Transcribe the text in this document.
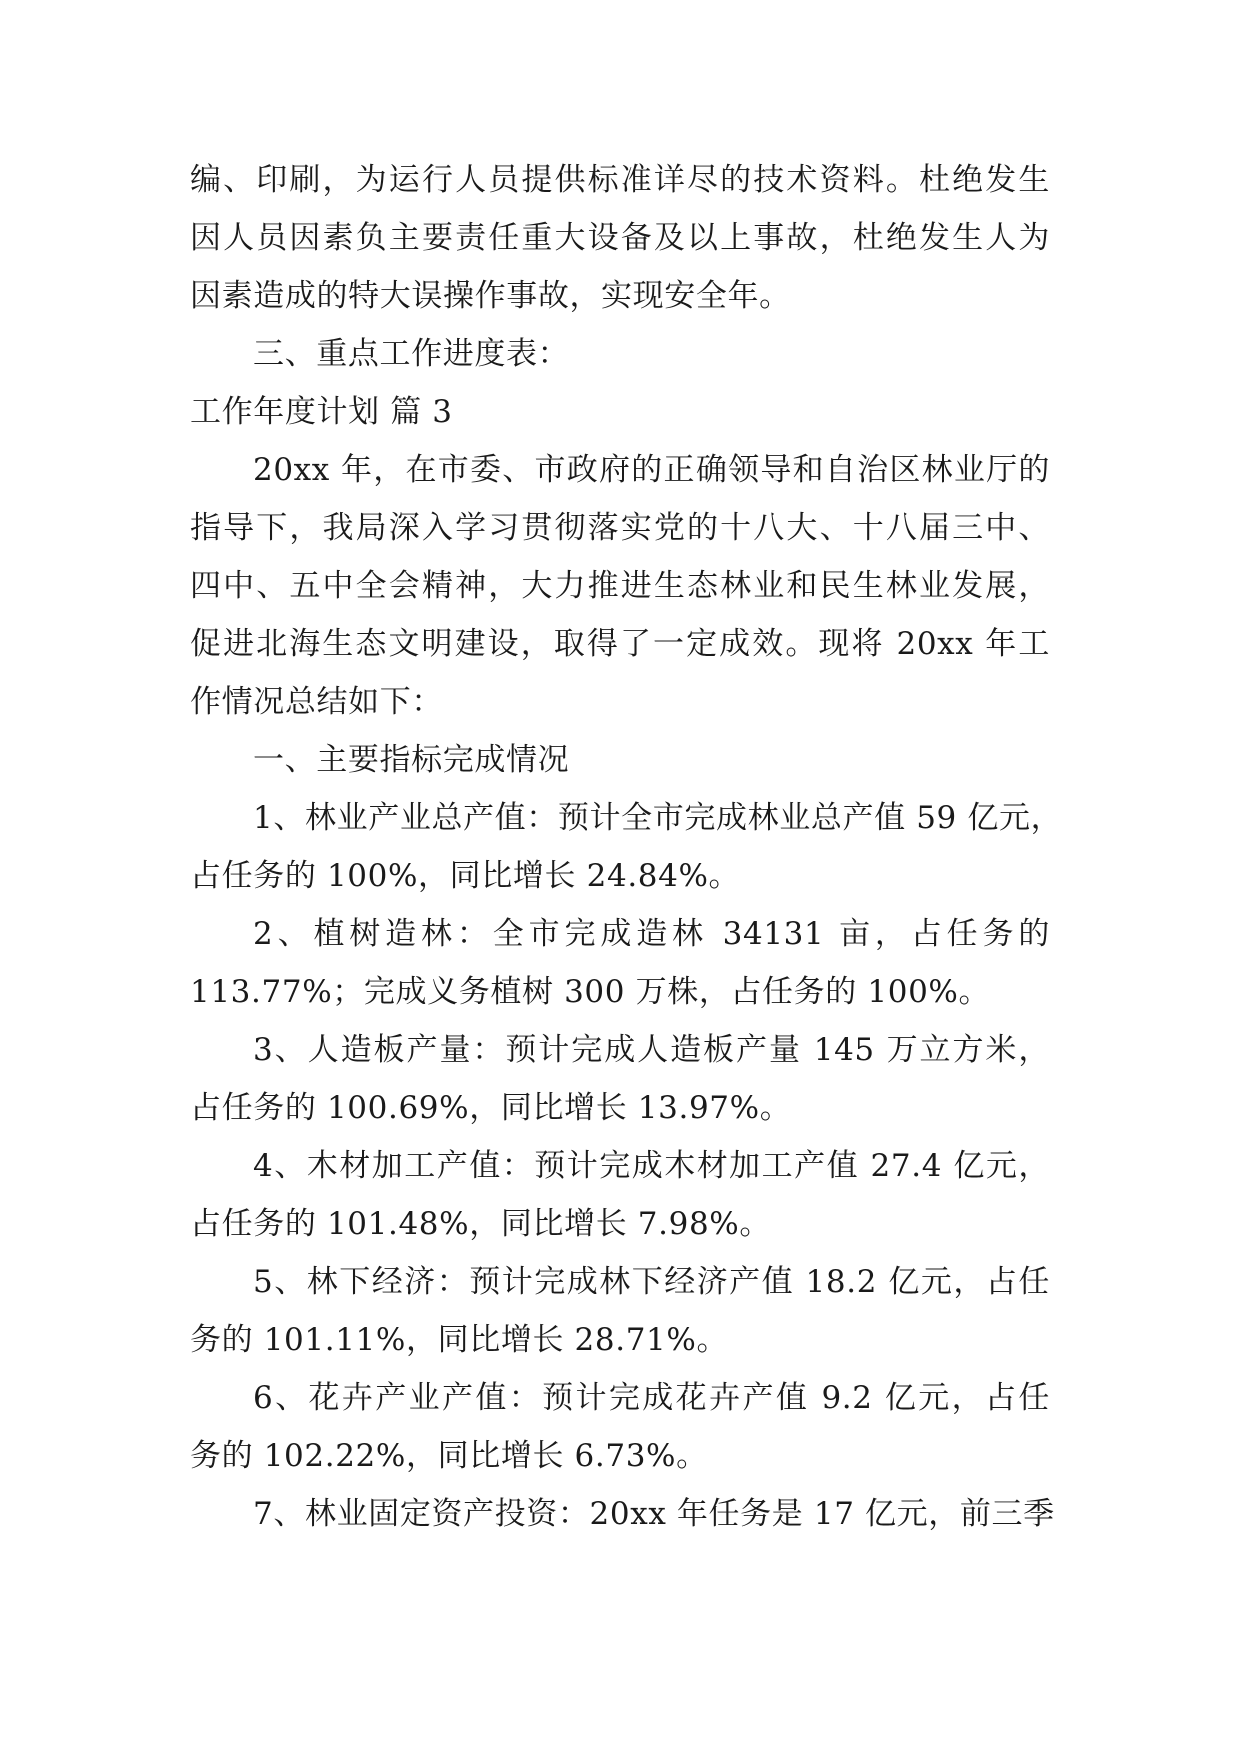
编、印刷，为运行人员提供标准详尽的技术资料。杜绝发生
因人员因素负主要责任重大设备及以上事故，杜绝发生人为
因素造成的特大误操作事故，实现安全年。
三、重点工作进度表：
工作年度计划 篇 3
20xx 年，在市委、市政府的正确领导和自治区林业厅的
指导下，我局深入学习贯彻落实党的十八大、十八届三中、
四中、五中全会精神，大力推进生态林业和民生林业发展，
促进北海生态文明建设，取得了一定成效。现将 20xx 年工
作情况总结如下：
一、主要指标完成情况
1、林业产业总产值：预计全市完成林业总产值 59 亿元，
占任务的 100%，同比增长 24.84%。
2、植树造林：全市完成造林 34131 亩，占任务的
113.77%；完成义务植树 300 万株，占任务的 100%。
3、人造板产量：预计完成人造板产量 145 万立方米，
占任务的 100.69%，同比增长 13.97%。
4、木材加工产值：预计完成木材加工产值 27.4 亿元，
占任务的 101.48%，同比增长 7.98%。
5、林下经济：预计完成林下经济产值 18.2 亿元，占任
务的 101.11%，同比增长 28.71%。
6、花卉产业产值：预计完成花卉产值 9.2 亿元，占任
务的 102.22%，同比增长 6.73%。
7、林业固定资产投资：20xx 年任务是 17 亿元，前三季
